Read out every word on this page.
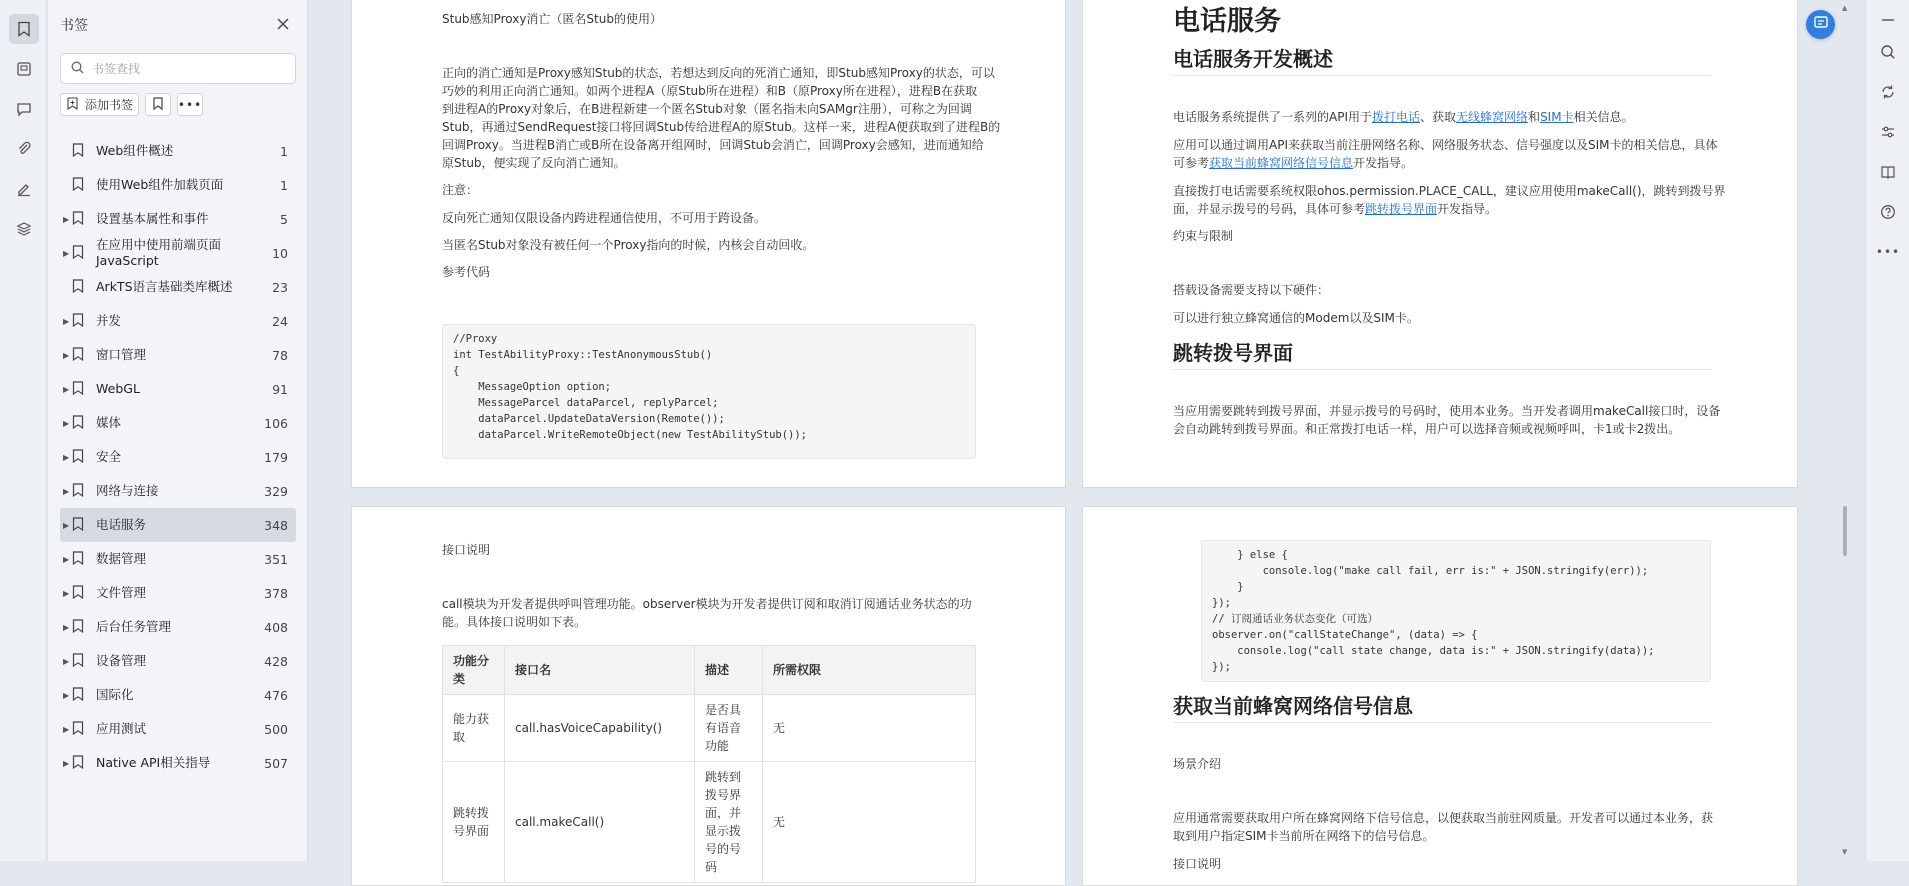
书签
书签查找
添加书签	•••
Web组件概述	1
使用Web组件加载页面	1
▶ 设置基本属性和事件	5
▶
在应用中使用前端页面JavaScript	10
ArkTS语言基础类库概述	23
▶ 并发	24
▶ 窗口管理	78
▶ WebGL	91
▶ 媒体	106
▶ 安全	179
▶ 网络与连接	329
▶ 电话服务	348
▶ 数据管理	351
▶ 文件管理	378
▶ 后台任务管理	408
▶ 设备管理	428
▶ 国际化	476
▶ 应用测试	500
▶ Native API相关指导	507
Stub感知Proxy消亡（匿名Stub的使用）
正向的消亡通知是Proxy感知Stub的状态，若想达到反向的死消亡通知，即Stub感知Proxy的状态，可以
巧妙的利用正向消亡通知。如两个进程A（原Stub所在进程）和B（原Proxy所在进程），进程B在获取
到进程A的Proxy对象后，在B进程新建一个匿名Stub对象（匿名指未向SAMgr注册），可称之为回调
Stub，再通过SendRequest接口将回调Stub传给进程A的原Stub。这样一来，进程A便获取到了进程B的
回调Proxy。当进程B消亡或B所在设备离开组网时，回调Stub会消亡，回调Proxy会感知，进而通知给
原Stub，便实现了反向消亡通知。
注意：
反向死亡通知仅限设备内跨进程通信使用，不可用于跨设备。
当匿名Stub对象没有被任何一个Proxy指向的时候，内核会自动回收。
参考代码
//Proxy
int TestAbilityProxy::TestAnonymousStub()
{
MessageOption option;
MessageParcel dataParcel, replyParcel;
dataParcel.UpdateDataVersion(Remote());
dataParcel.WriteRemoteObject(new TestAbilityStub());
电话服务
电话服务开发概述
电话服务系统提供了一系列的API用于拨打电话、获取无线蜂窝网络和SIM卡相关信息。
应用可以通过调用API来获取当前注册网络名称、网络服务状态、信号强度以及SIM卡的相关信息，具体
可参考获取当前蜂窝网络信号信息开发指导。
直接拨打电话需要系统权限ohos.permission.PLACE_CALL，建议应用使用makeCall()，跳转到拨号界
面，并显示拨号的号码，具体可参考跳转拨号界面开发指导。
约束与限制
搭载设备需要支持以下硬件：
可以进行独立蜂窝通信的Modem以及SIM卡。
跳转拨号界面
当应用需要跳转到拨号界面，并显示拨号的号码时，使用本业务。当开发者调用makeCall接口时，设备
会自动跳转到拨号界面。和正常拨打电话一样，用户可以选择音频或视频呼叫，卡1或卡2拨出。
接口说明
call模块为开发者提供呼叫管理功能。observer模块为开发者提供订阅和取消订阅通话业务状态的功
能。具体接口说明如下表。
功能分类	接口名	描述	所需权限
能力获取	call.hasVoiceCapability()	是否具有语音功能	无
跳转拨号界面	call.makeCall()	跳转到拨号界面，并显示拨号的号码	无
} else {
console.log("make call fail, err is:" + JSON.stringify(err));
}
});
// 订阅通话业务状态变化（可选）
observer.on("callStateChange", (data) => {
console.log("call state change, data is:" + JSON.stringify(data));
});
获取当前蜂窝网络信号信息
场景介绍
应用通常需要获取用户所在蜂窝网络下信号信息，以便获取当前驻网质量。开发者可以通过本业务，获
取到用户指定SIM卡当前所在网络下的信号信息。
接口说明
▲
▼
•••
